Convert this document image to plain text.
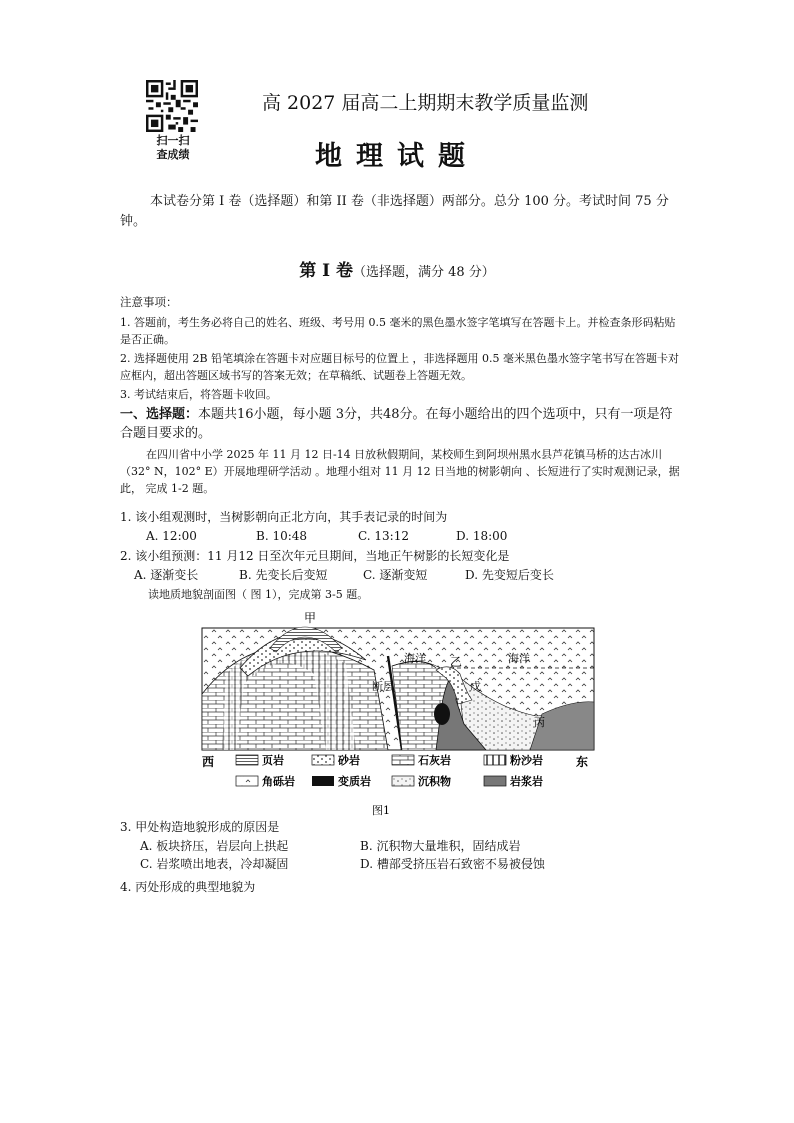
扫一扫
查成绩
高 2027 届高二上期期末教学质量监测
地理试题
本试卷分第 I 卷（选择题）和第 II 卷（非选择题）两部分。总分 100 分。考试时间 75 分钟。
第 I 卷（选择题，满分 48 分）
注意事项：
1. 答题前，考生务必将自己的姓名、班级、考号用 0.5 毫米的黑色墨水签字笔填写在答题卡上。并检查条形码粘贴是否正确。
2. 选择题使用 2B 铅笔填涂在答题卡对应题目标号的位置上 ，非选择题用 0.5 毫米黑色墨水签字笔书写在答题卡对应框内，超出答题区域书写的答案无效；在草稿纸、试题卷上答题无效。
3. 考试结束后，将答题卡收回。
一、选择题：本题共16小题，每小题 3分，共48分。在每小题给出的四个选项中，只有一项是符合题目要求的。
在四川省中小学 2025 年 11 月 12 日-14 日放秋假期间，某校师生到阿坝州黑水县芦花镇马桥的达古冰川（32° N，102° E）开展地理研学活动 。地理小组对 11 月 12 日当地的树影朝向 、长短进行了实时观测记录，据此， 完成 1-2 题。
1. 该小组观测时，当树影朝向正北方向，其手表记录的时间为
A. 12:00	B. 10:48	C. 13:12	D. 18:00
2. 该小组预测：11 月12 日至次年元旦期间，当地正午树影的长短变化是
A. 逐渐变长	B. 先变长后变短	C. 逐渐变短	D. 先变短后变长
读地质地貌剖面图（ 图 1），完成第 3-5 题。
甲
海洋 乙	海洋
戊
丙
断层
西	东
页岩	砂岩	石灰岩	粉沙岩
角砾岩	变质岩	沉积物	岩浆岩
图1
3. 甲处构造地貌形成的原因是
A. 板块挤压，岩层向上拱起	B. 沉积物大量堆积，固结成岩
C. 岩浆喷出地表，冷却凝固	D. 槽部受挤压岩石致密不易被侵蚀
4. 丙处形成的典型地貌为
